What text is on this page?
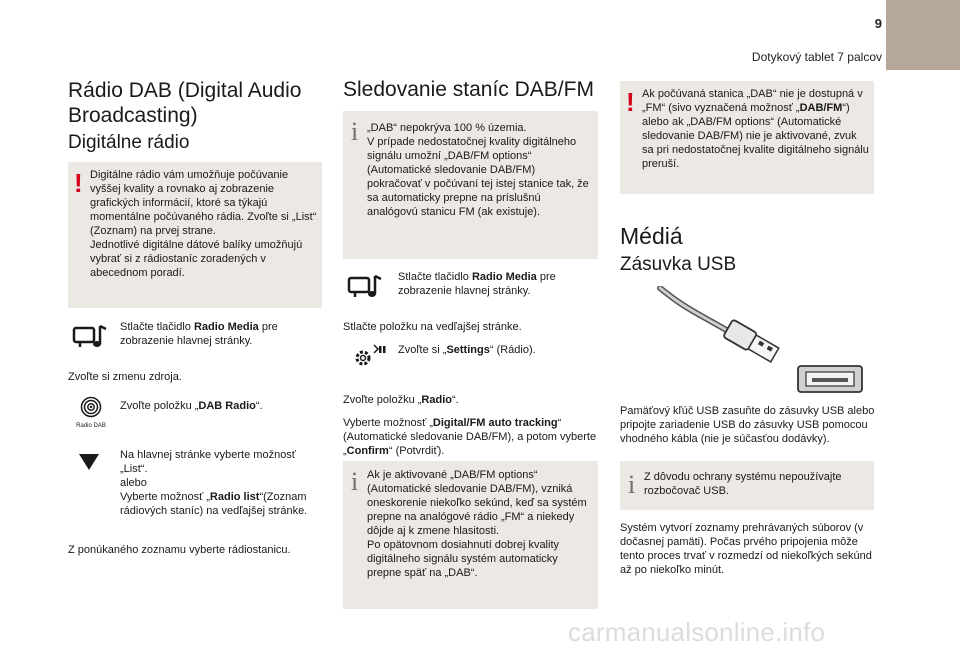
9
Dotykový tablet 7 palcov
Rádio DAB (Digital Audio Broadcasting)
Digitálne rádio
! Digitálne rádio vám umožňuje počúvanie vyššej kvality a rovnako aj zobrazenie grafických informácií, ktoré sa týkajú momentálne počúvaného rádia. Zvoľte si „List“ (Zoznam) na prvej strane.
Jednotlivé digitálne dátové balíky umožňujú vybrať si z rádiostaníc zoradených v abecednom poradí.
Stlačte tlačidlo Radio Media pre zobrazenie hlavnej stránky.
Zvoľte si zmenu zdroja.
Radio DAB
Zvoľte položku „DAB Radio“.
Na hlavnej stránke vyberte možnosť „List“.
alebo
Vyberte možnosť „Radio list“(Zoznam rádiových staníc) na vedľajšej stránke.
Z ponúkaného zoznamu vyberte rádiostanicu.
Sledovanie staníc DAB/FM
i „DAB“ nepokrýva 100 % územia.
V prípade nedostatočnej kvality digitálneho signálu umožní „DAB/FM options“ (Automatické sledovanie DAB/FM) pokračovať v počúvaní tej istej stanice tak, že sa automaticky prepne na príslušnú analógovú stanicu FM (ak existuje).
Stlačte tlačidlo Radio Media pre zobrazenie hlavnej stránky.
Stlačte položku na vedľajšej stránke.
Zvoľte si „Settings“ (Rádio).
Zvoľte položku „Radio“.
Vyberte možnosť „Digital/FM auto tracking“ (Automatické sledovanie DAB/FM), a potom vyberte „Confirm“ (Potvrdiť).
i Ak je aktivované „DAB/FM options“ (Automatické sledovanie DAB/FM), vzniká oneskorenie niekoľko sekúnd, keď sa systém prepne na analógové rádio „FM“ a niekedy dôjde aj k zmene hlasitosti.
Po opätovnom dosiahnutí dobrej kvality digitálneho signálu systém automaticky prepne späť na „DAB“.
! Ak počúvaná stanica „DAB“ nie je dostupná v „FM“ (sivo vyznačená možnosť „DAB/FM“) alebo ak „DAB/FM options“ (Automatické sledovanie DAB/FM) nie je aktivované, zvuk sa pri nedostatočnej kvalite digitálneho signálu preruší.
Médiá
Zásuvka USB
Pamäťový kľúč USB zasuňte do zásuvky USB alebo pripojte zariadenie USB do zásuvky USB pomocou vhodného kábla (nie je súčasťou dodávky).
i Z dôvodu ochrany systému nepoužívajte rozbočovač USB.
Systém vytvorí zoznamy prehrávaných súborov (v dočasnej pamäti). Počas prvého pripojenia môže tento proces trvať v rozmedzí od niekoľkých sekúnd až po niekoľko minút.
carmanualsonline.info
